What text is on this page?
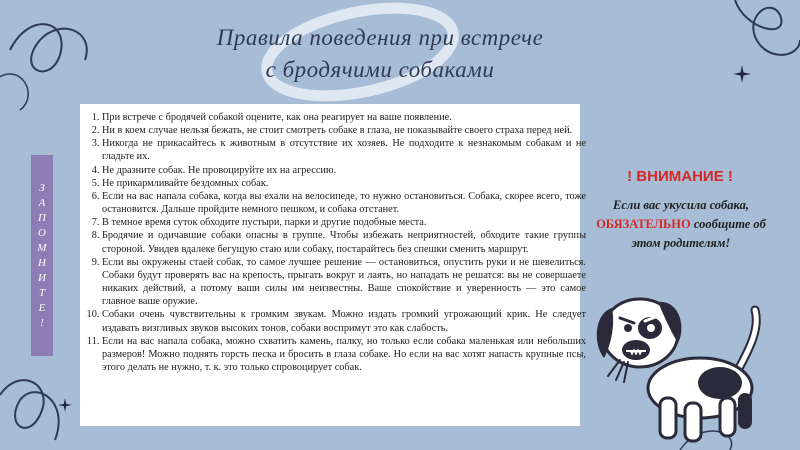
Правила поведения при встрече
с бродячими собаками
1. При встрече с бродячей собакой оцените, как она реагирует на ваше появление.
2. Ни в коем случае нельзя бежать, не стоит смотреть собаке в глаза, не показывайте своего страха перед ней.
3. Никогда не прикасайтесь к животным в отсутствие их хозяев. Не подходите к незнакомым собакам и не гладьте их.
4. Не дразните собак. Не провоцируйте их на агрессию.
5. Не прикармливайте бездомных собак.
6. Если на вас напала собака, когда вы ехали на велосипеде, то нужно остановиться. Собака, скорее всего, тоже остановится. Дальше пройдите немного пешком, и собака отстанет.
7. В темное время суток обходите пустыри, парки и другие подобные места.
8. Бродячие и одичавшие собаки опасны в группе. Чтобы избежать неприятностей, обходите такие группы стороной. Увидев вдалеке бегущую стаю или собаку, постарайтесь без спешки сменить маршрут.
9. Если вы окружены стаей собак, то самое лучшее решение — остановиться, опустить руки и не шевелиться. Собаки будут проверять вас на крепость, прыгать вокруг и лаять, но нападать не решатся: вы не совершаете никаких действий, а потому ваши силы им неизвестны. Ваше спокойствие и уверенность — это самое главное ваше оружие.
10. Собаки очень чувствительны к громким звукам. Можно издать громкий угрожающий крик. Не следует издавать визгливых звуков высоких тонов, собаки воспримут это как слабость.
11. Если на вас напала собака, можно схватить камень, палку, но только если собака маленькая или небольших размеров! Можно поднять горсть песка и бросить в глаза собаке. Но если на вас хотят напасть крупные псы, этого делать не нужно, т. к. это только спровоцирует собак.
З
А
П
О
М
Н
И
Т
Е
!
! ВНИМАНИЕ !
Если вас укусила собака, ОБЯЗАТЕЛЬНО сообщите об этом родителям!
